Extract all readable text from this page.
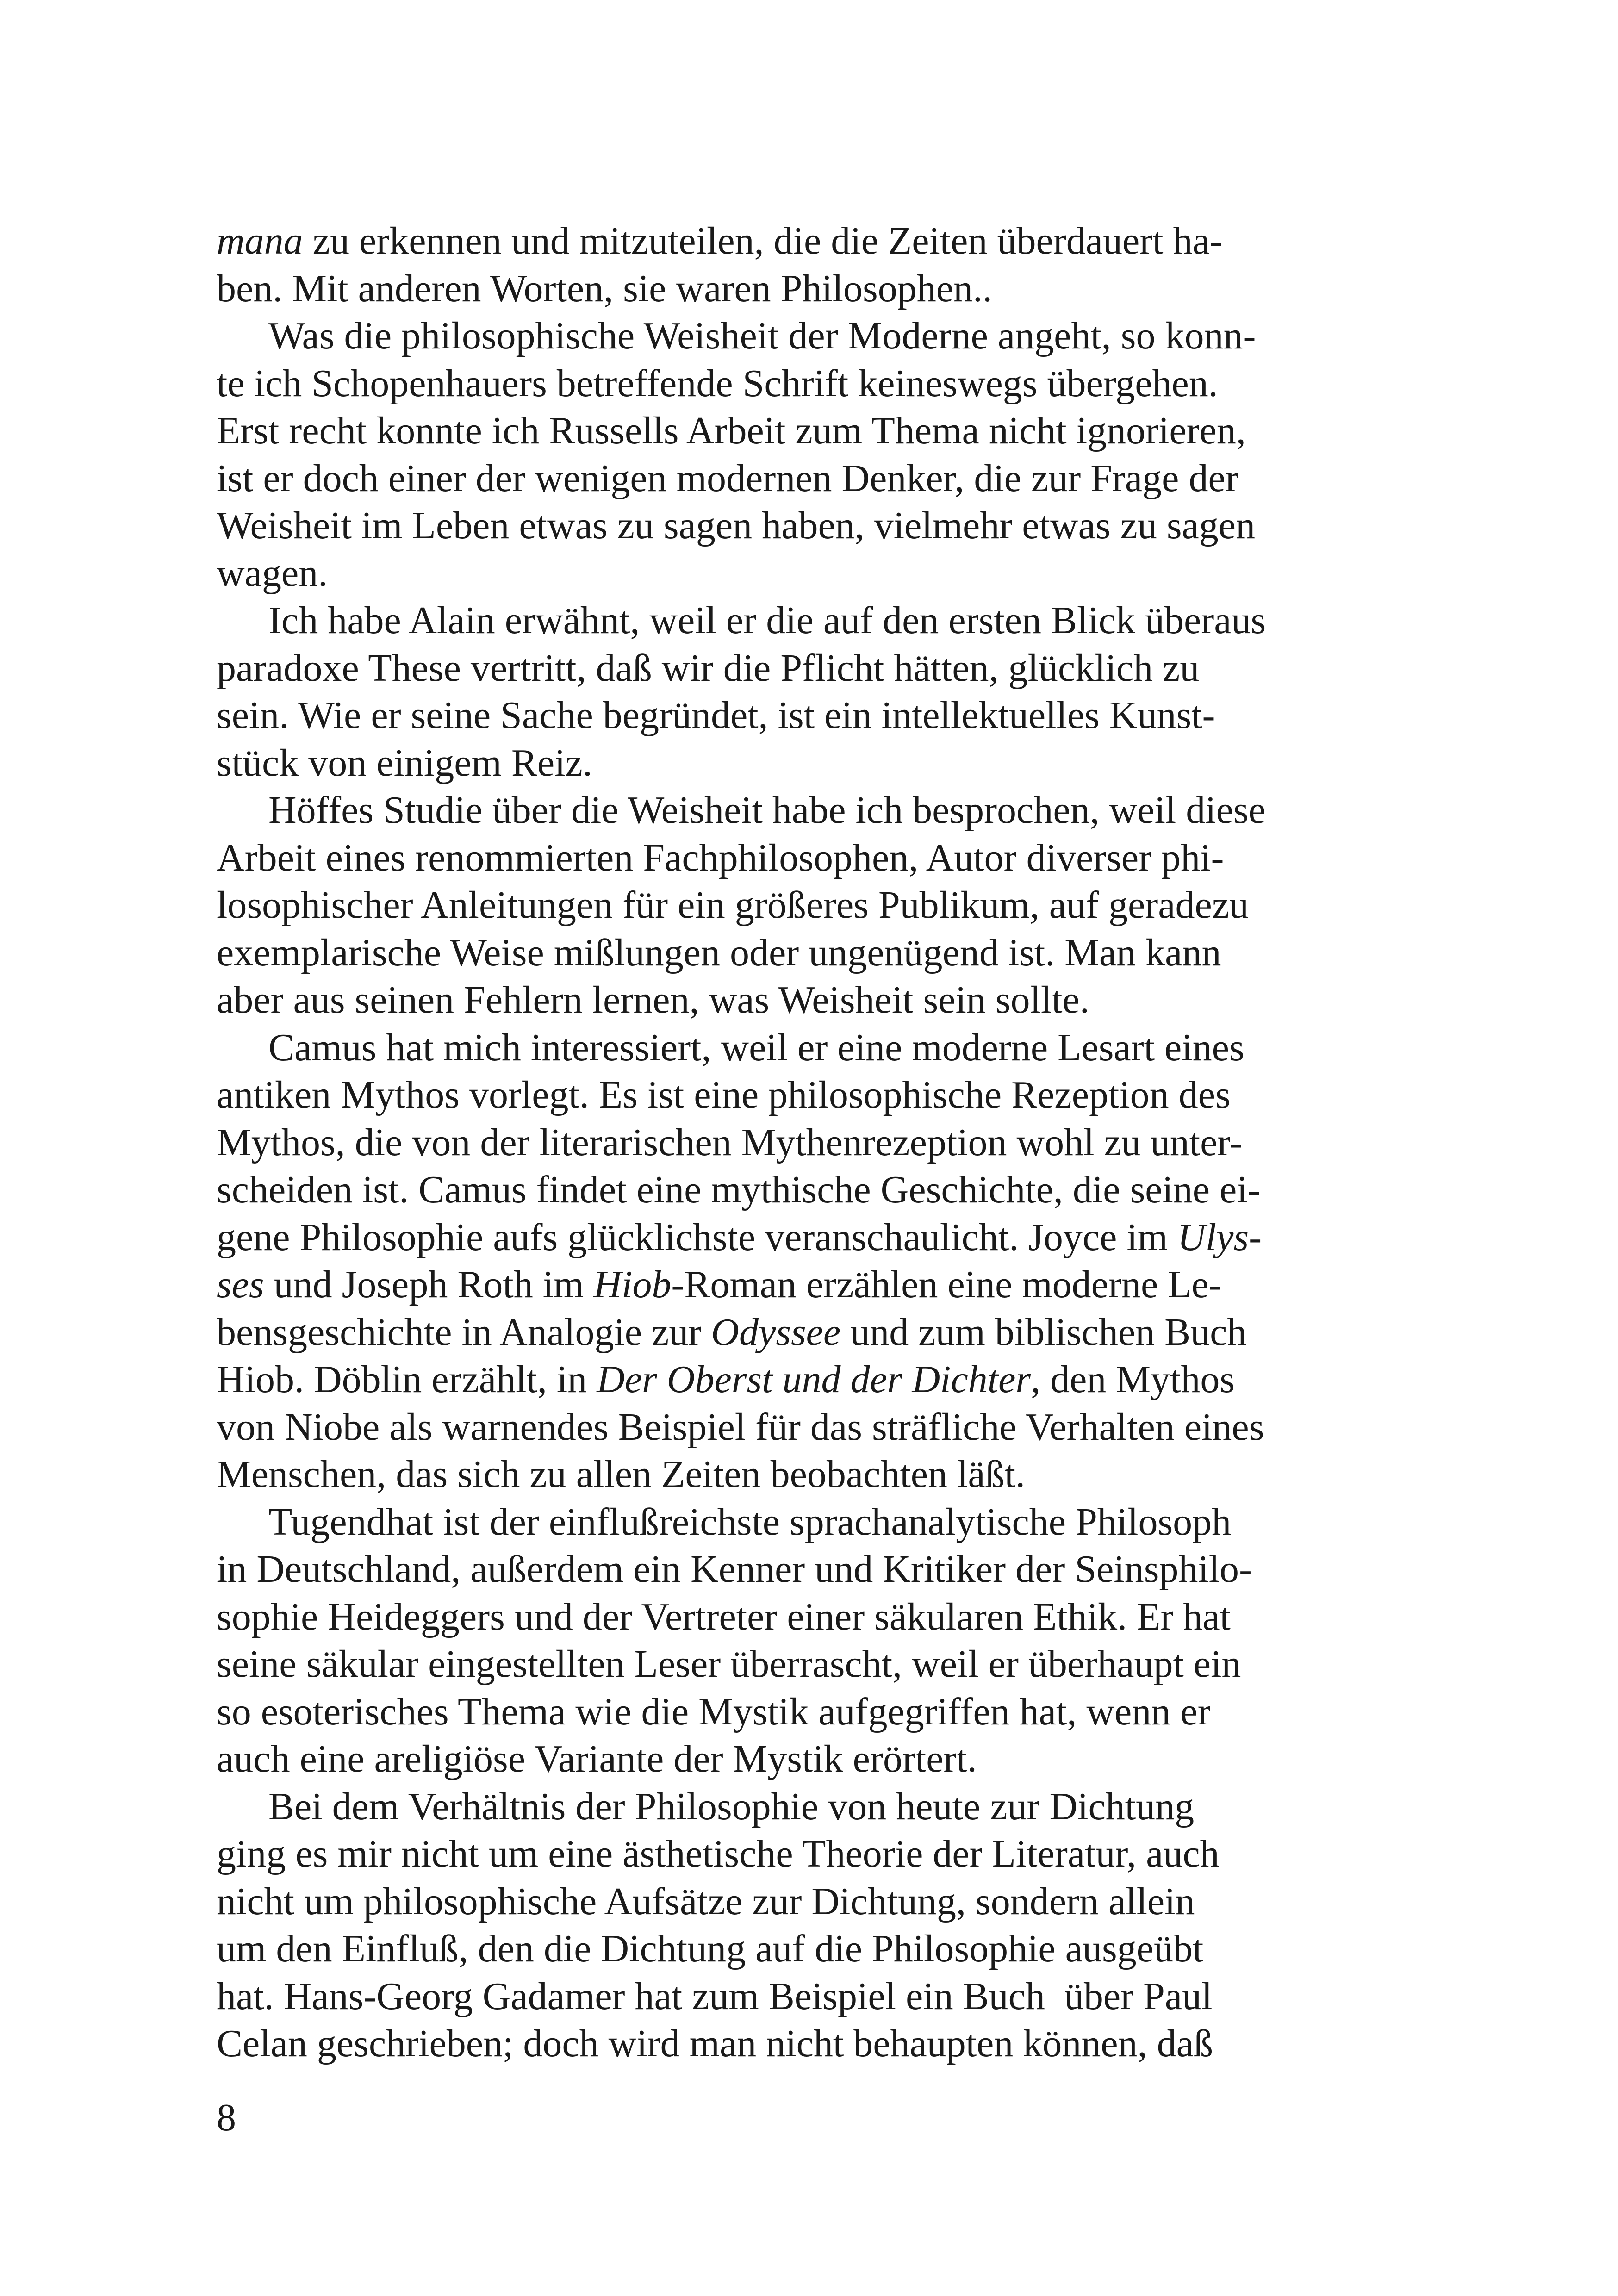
mana zu erkennen und mitzuteilen, die die Zeiten überdauert ha-
ben. Mit anderen Worten, sie waren Philosophen..
Was die philosophische Weisheit der Moderne angeht, so konn-
te ich Schopenhauers betreffende Schrift keineswegs übergehen.
Erst recht konnte ich Russells Arbeit zum Thema nicht ignorieren,
ist er doch einer der wenigen modernen Denker, die zur Frage der
Weisheit im Leben etwas zu sagen haben, vielmehr etwas zu sagen
wagen.
Ich habe Alain erwähnt, weil er die auf den ersten Blick überaus
paradoxe These vertritt, daß wir die Pflicht hätten, glücklich zu
sein. Wie er seine Sache begründet, ist ein intellektuelles Kunst-
stück von einigem Reiz.
Höffes Studie über die Weisheit habe ich besprochen, weil diese
Arbeit eines renommierten Fachphilosophen, Autor diverser phi-
losophischer Anleitungen für ein größeres Publikum, auf geradezu
exemplarische Weise mißlungen oder ungenügend ist. Man kann
aber aus seinen Fehlern lernen, was Weisheit sein sollte.
Camus hat mich interessiert, weil er eine moderne Lesart eines
antiken Mythos vorlegt. Es ist eine philosophische Rezeption des
Mythos, die von der literarischen Mythenrezeption wohl zu unter-
scheiden ist. Camus findet eine mythische Geschichte, die seine ei-
gene Philosophie aufs glücklichste veranschaulicht. Joyce im Ulys-
ses und Joseph Roth im Hiob-Roman erzählen eine moderne Le-
bensgeschichte in Analogie zur Odyssee und zum biblischen Buch
Hiob. Döblin erzählt, in Der Oberst und der Dichter, den Mythos
von Niobe als warnendes Beispiel für das sträfliche Verhalten eines
Menschen, das sich zu allen Zeiten beobachten läßt.
Tugendhat ist der einflußreichste sprachanalytische Philosoph
in Deutschland, außerdem ein Kenner und Kritiker der Seinsphilo-
sophie Heideggers und der Vertreter einer säkularen Ethik. Er hat
seine säkular eingestellten Leser überrascht, weil er überhaupt ein
so esoterisches Thema wie die Mystik aufgegriffen hat, wenn er
auch eine areligiöse Variante der Mystik erörtert.
Bei dem Verhältnis der Philosophie von heute zur Dichtung
ging es mir nicht um eine ästhetische Theorie der Literatur, auch
nicht um philosophische Aufsätze zur Dichtung, sondern allein
um den Einfluß, den die Dichtung auf die Philosophie ausgeübt
hat. Hans-Georg Gadamer hat zum Beispiel ein Buch  über Paul
Celan geschrieben; doch wird man nicht behaupten können, daß
8
